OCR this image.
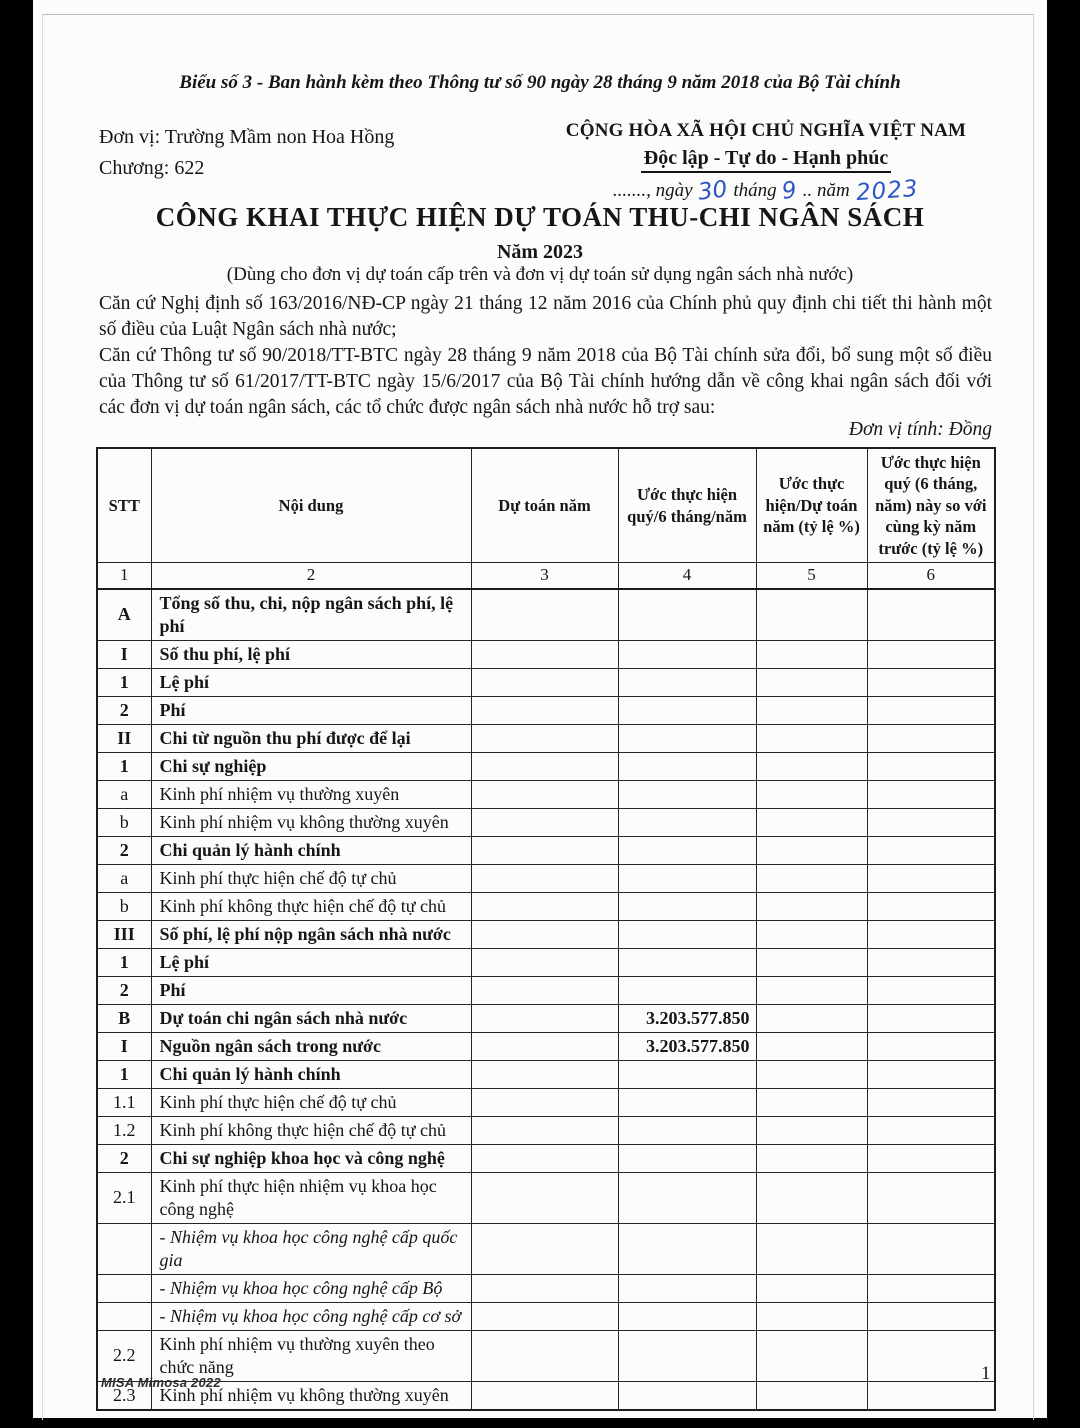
Biểu số 3 - Ban hành kèm theo Thông tư số 90 ngày 28 tháng 9 năm 2018 của Bộ Tài chính
Đơn vị: Trường Mầm non Hoa Hồng
Chương: 622
CỘNG HÒA XÃ HỘI CHỦ NGHĨA VIỆT NAM
Độc lập - Tự do - Hạnh phúc
......., ngày 30 tháng 9 .. năm 2023
CÔNG KHAI THỰC HIỆN DỰ TOÁN THU-CHI NGÂN SÁCH
Năm 2023
(Dùng cho đơn vị dự toán cấp trên và đơn vị dự toán sử dụng ngân sách nhà nước)

Căn cứ Nghị định số 163/2016/NĐ-CP ngày 21 tháng 12 năm 2016 của Chính phủ quy định chi tiết thi hành một số điều của Luật Ngân sách nhà nước;

Căn cứ Thông tư số 90/2018/TT-BTC ngày 28 tháng 9 năm 2018 của Bộ Tài chính sửa đổi, bổ sung một số điều của Thông tư số 61/2017/TT-BTC ngày 15/6/2017 của Bộ Tài chính hướng dẫn về công khai ngân sách đối với các đơn vị dự toán ngân sách, các tổ chức được ngân sách nhà nước hỗ trợ sau:

Đơn vị tính: Đồng
STT	Nội dung	Dự toán năm	Ước thực hiện quý/6 tháng/năm	Ước thực hiện/Dự toán năm (tỷ lệ %)	Ước thực hiện quý (6 tháng, năm) này so với cùng kỳ năm trước (tỷ lệ %)
1	2	3	4	5	6
A	Tổng số thu, chi, nộp ngân sách phí, lệ phí				
I	Số thu phí, lệ phí				
1	Lệ phí				
2	Phí				
II	Chi từ nguồn thu phí được để lại				
1	Chi sự nghiệp				
a	Kinh phí nhiệm vụ thường xuyên				
b	Kinh phí nhiệm vụ không thường xuyên				
2	Chi quản lý hành chính				
a	Kinh phí thực hiện chế độ tự chủ				
b	Kinh phí không thực hiện chế độ tự chủ				
III	Số phí, lệ phí nộp ngân sách nhà nước				
1	Lệ phí				
2	Phí				
B	Dự toán chi ngân sách nhà nước		3.203.577.850		
I	Nguồn ngân sách trong nước		3.203.577.850		
1	Chi quản lý hành chính				
1.1	Kinh phí thực hiện chế độ tự chủ				
1.2	Kinh phí không thực hiện chế độ tự chủ				
2	Chi sự nghiệp khoa học và công nghệ				
2.1	Kinh phí thực hiện nhiệm vụ khoa học công nghệ				
	- Nhiệm vụ khoa học công nghệ cấp quốc gia				
	- Nhiệm vụ khoa học công nghệ cấp Bộ				
	- Nhiệm vụ khoa học công nghệ cấp cơ sở				
2.2	Kinh phí nhiệm vụ thường xuyên theo chức năng				
2.3	Kinh phí nhiệm vụ không thường xuyên				
MISA Mimosa 2022	1
